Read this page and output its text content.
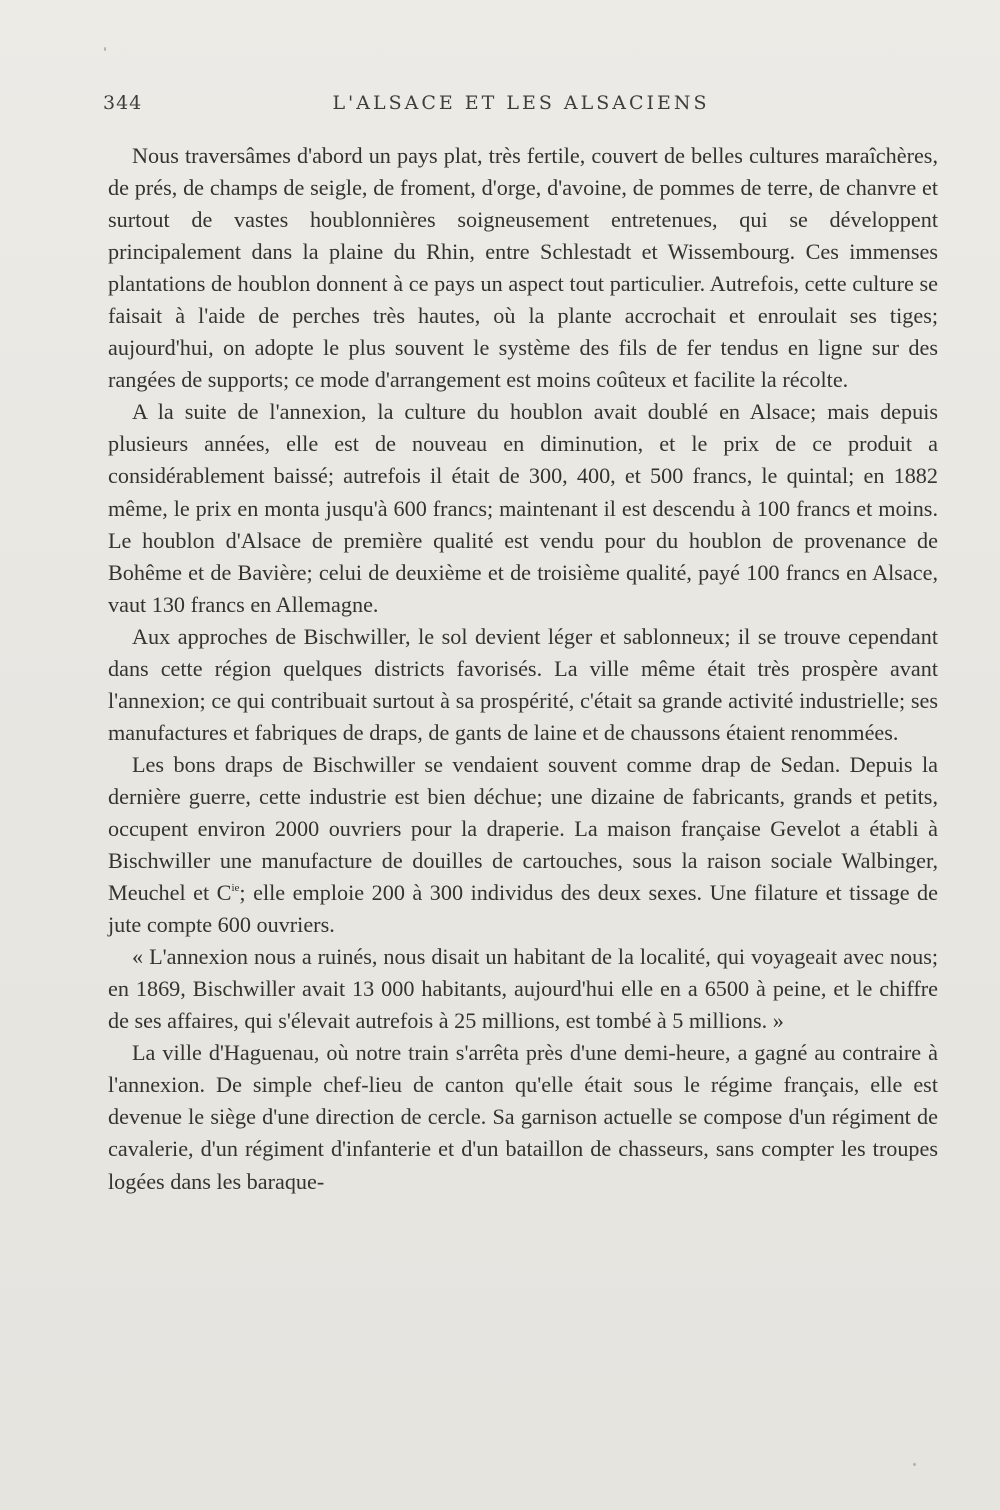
344	L'ALSACE ET LES ALSACIENS

Nous traversâmes d'abord un pays plat, très fertile, couvert de belles cultures maraîchères, de prés, de champs de seigle, de froment, d'orge, d'avoine, de pommes de terre, de chanvre et surtout de vastes houblonnières soigneusement entretenues, qui se développent principalement dans la plaine du Rhin, entre Schlestadt et Wissembourg. Ces immenses plantations de houblon donnent à ce pays un aspect tout particulier. Autrefois, cette culture se faisait à l'aide de perches très hautes, où la plante accrochait et enroulait ses tiges; aujourd'hui, on adopte le plus souvent le système des fils de fer tendus en ligne sur des rangées de supports; ce mode d'arrangement est moins coûteux et facilite la récolte.

A la suite de l'annexion, la culture du houblon avait doublé en Alsace; mais depuis plusieurs années, elle est de nouveau en diminution, et le prix de ce produit a considérablement baissé; autrefois il était de 300, 400, et 500 francs, le quintal; en 1882 même, le prix en monta jusqu'à 600 francs; maintenant il est descendu à 100 francs et moins. Le houblon d'Alsace de première qualité est vendu pour du houblon de provenance de Bohême et de Bavière; celui de deuxième et de troisième qualité, payé 100 francs en Alsace, vaut 130 francs en Allemagne.

Aux approches de Bischwiller, le sol devient léger et sablonneux; il se trouve cependant dans cette région quelques districts favorisés. La ville même était très prospère avant l'annexion; ce qui contribuait surtout à sa prospérité, c'était sa grande activité industrielle; ses manufactures et fabriques de draps, de gants de laine et de chaussons étaient renommées.

Les bons draps de Bischwiller se vendaient souvent comme drap de Sedan. Depuis la dernière guerre, cette industrie est bien déchue; une dizaine de fabricants, grands et petits, occupent environ 2000 ouvriers pour la draperie. La maison française Gevelot a établi à Bischwiller une manufacture de douilles de cartouches, sous la raison sociale Walbinger, Meuchel et $C^{ie}$; elle emploie 200 à 300 individus des deux sexes. Une filature et tissage de jute compte 600 ouvriers.

« L'annexion nous a ruinés, nous disait un habitant de la localité, qui voyageait avec nous; en 1869, Bischwiller avait 13 000 habitants, aujourd'hui elle en a 6500 à peine, et le chiffre de ses affaires, qui s'élevait autrefois à 25 millions, est tombé à 5 millions. »

La ville d'Haguenau, où notre train s'arrêta près d'une demi-heure, a gagné au contraire à l'annexion. De simple chef-lieu de canton qu'elle était sous le régime français, elle est devenue le siège d'une direction de cercle. Sa garnison actuelle se compose d'un régiment de cavalerie, d'un régiment d'infanterie et d'un bataillon de chasseurs, sans compter les troupes logées dans les baraque-
